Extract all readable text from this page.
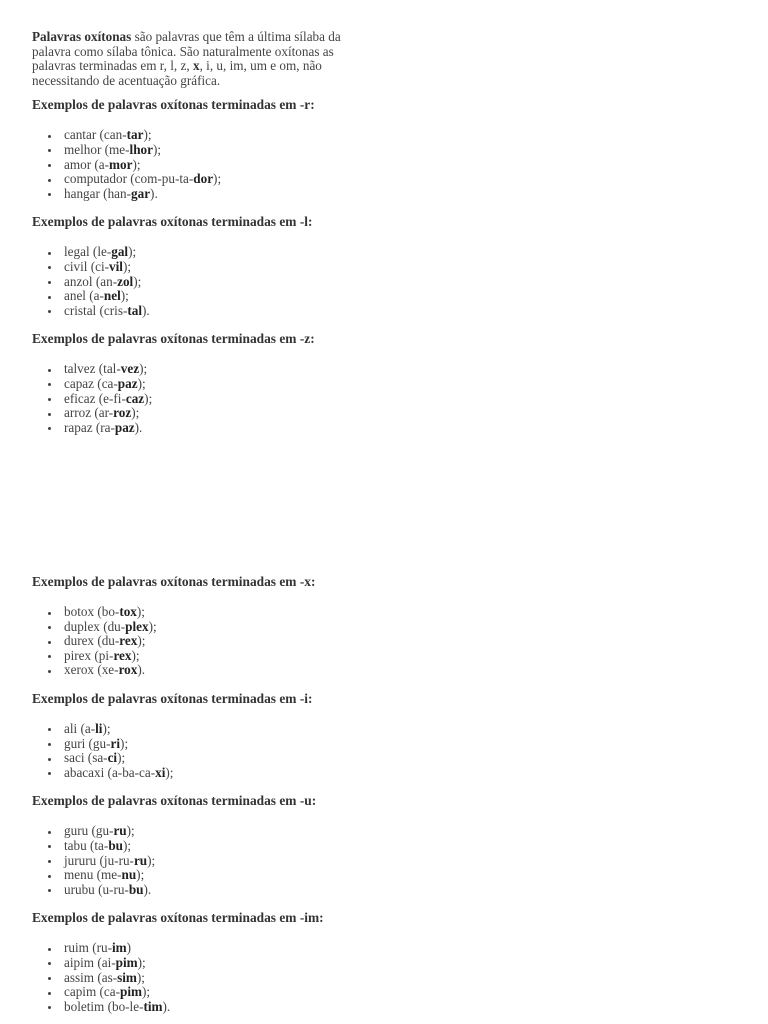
Palavras oxítonas são palavras que têm a última sílaba da
palavra como sílaba tônica. São naturalmente oxítonas as
palavras terminadas em r, l, z, x, i, u, im, um e om, não
necessitando de acentuação gráfica.

Exemplos de palavras oxítonas terminadas em -r:
cantar (can-tar);
melhor (me-lhor);
amor (a-mor);
computador (com-pu-ta-dor);
hangar (han-gar).
Exemplos de palavras oxítonas terminadas em -l:
legal (le-gal);
civil (ci-vil);
anzol (an-zol);
anel (a-nel);
cristal (cris-tal).
Exemplos de palavras oxítonas terminadas em -z:
talvez (tal-vez);
capaz (ca-paz);
eficaz (e-fi-caz);
arroz (ar-roz);
rapaz (ra-paz).
Exemplos de palavras oxítonas terminadas em -x:
botox (bo-tox);
duplex (du-plex);
durex (du-rex);
pirex (pi-rex);
xerox (xe-rox).
Exemplos de palavras oxítonas terminadas em -i:
ali (a-li);
guri (gu-ri);
saci (sa-ci);
abacaxi (a-ba-ca-xi);
Exemplos de palavras oxítonas terminadas em -u:
guru (gu-ru);
tabu (ta-bu);
jururu (ju-ru-ru);
menu (me-nu);
urubu (u-ru-bu).
Exemplos de palavras oxítonas terminadas em -im:
ruim (ru-im)
aipim (ai-pim);
assim (as-sim);
capim (ca-pim);
boletim (bo-le-tim).
